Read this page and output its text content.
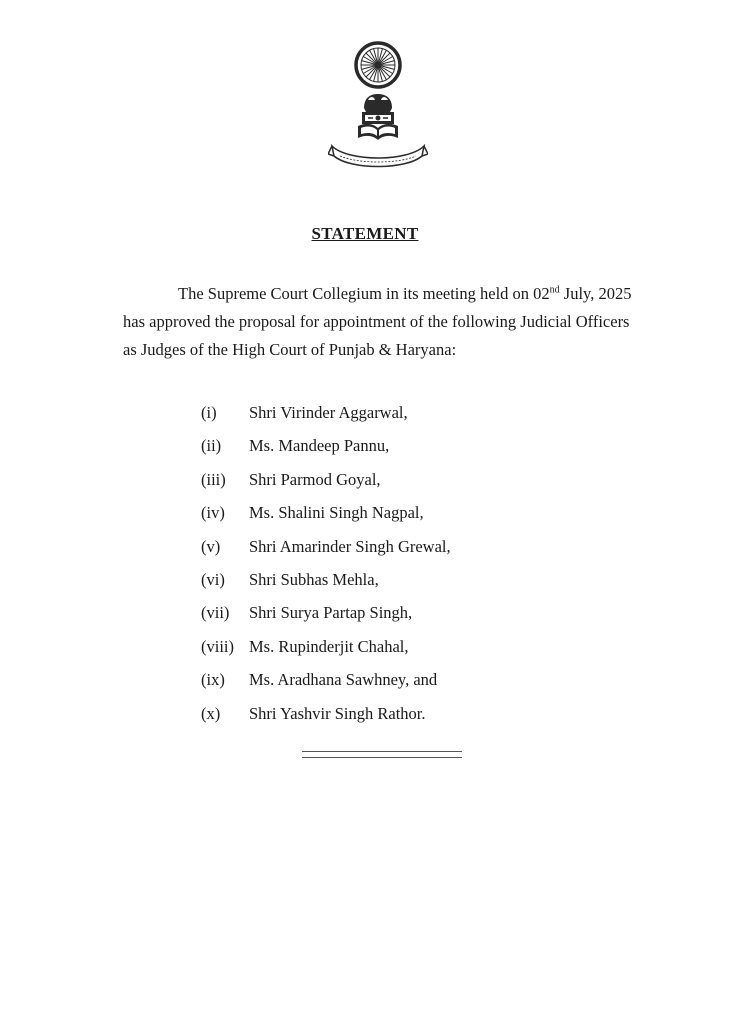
STATEMENT
The Supreme Court Collegium in its meeting held on 02nd July, 2025
has approved the proposal for appointment of the following Judicial Officers
as Judges of the High Court of Punjab & Haryana:
(i) Shri Virinder Aggarwal,
(ii) Ms. Mandeep Pannu,
(iii) Shri Parmod Goyal,
(iv) Ms. Shalini Singh Nagpal,
(v) Shri Amarinder Singh Grewal,
(vi) Shri Subhas Mehla,
(vii) Shri Surya Partap Singh,
(viii) Ms. Rupinderjit Chahal,
(ix) Ms. Aradhana Sawhney, and
(x) Shri Yashvir Singh Rathor.
